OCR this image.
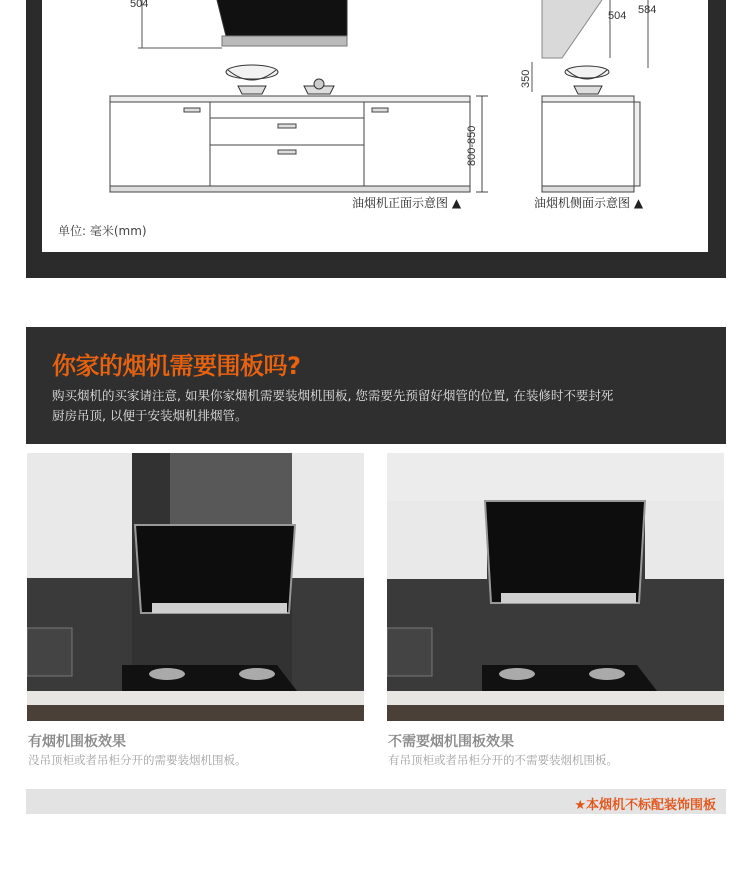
504
800-850
504 584
350
油烟机正面示意图 ▲	油烟机侧面示意图 ▲
单位: 毫米(mm)
你家的烟机需要围板吗?
购买烟机的买家请注意, 如果你家烟机需要装烟机围板, 您需要先预留好烟管的位置, 在装修时不要封死
厨房吊顶, 以便于安装烟机排烟管。
有烟机围板效果
没吊顶柜或者吊柜分开的需要装烟机围板。
不需要烟机围板效果
有吊顶柜或者吊柜分开的不需要装烟机围板。
★本烟机不标配装饰围板
